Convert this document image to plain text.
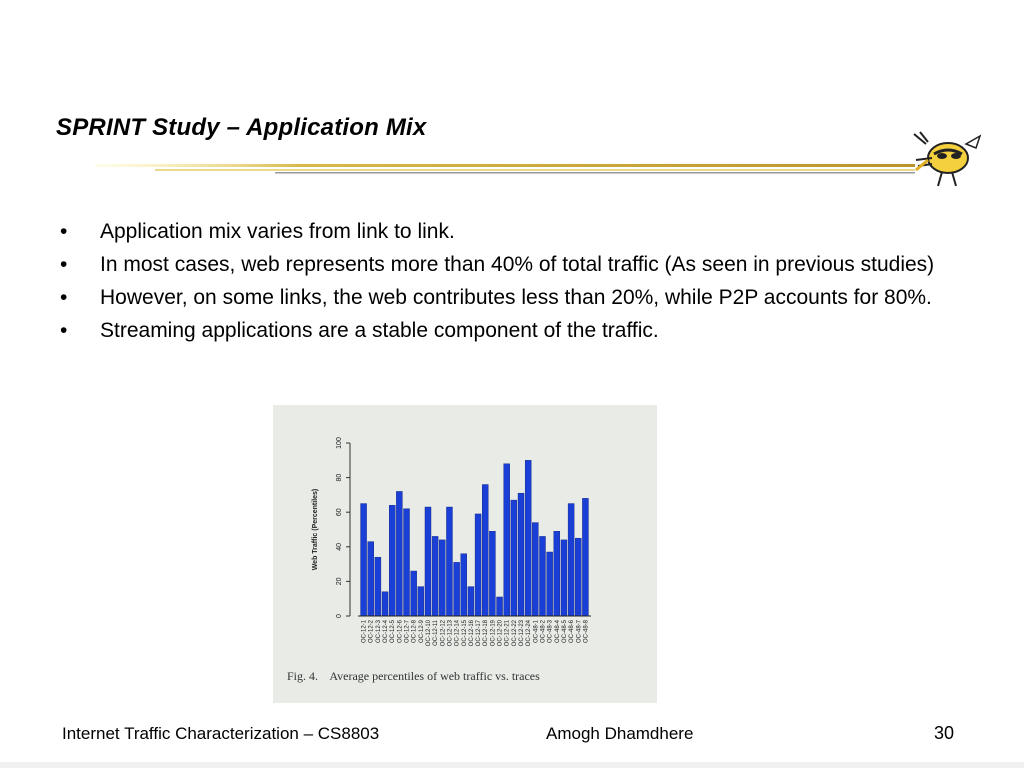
SPRINT Study – Application Mix
• Application mix varies from link to link.
• In most cases, web represents more than 40% of total traffic (As seen in previous studies)
• However, on some links, the web contributes less than 20%, while P2P accounts for 80%.
• Streaming applications are a stable component of the traffic.
0
20
40
60
80
100
Web Traffic (Percentiles)
OC-12-1 OC-12-2 OC-12-3 OC-12-4 OC-12-5 OC-12-6 OC-12-7 OC-12-8 OC-12-9 OC-12-10 OC-12-11 OC-12-12 OC-12-13 OC-12-14 OC-12-15 OC-12-16 OC-12-17 OC-12-18 OC-12-19 OC-12-20 OC-12-21 OC-12-22 OC-12-23 OC-12-24 OC-48-1 OC-48-2 OC-48-3 OC-48-4 OC-48-5 OC-48-6 OC-48-7 OC-48-8
Fig. 4.    Average percentiles of web traffic vs. traces
Internet Traffic Characterization – CS8803	Amogh Dhamdhere	30
